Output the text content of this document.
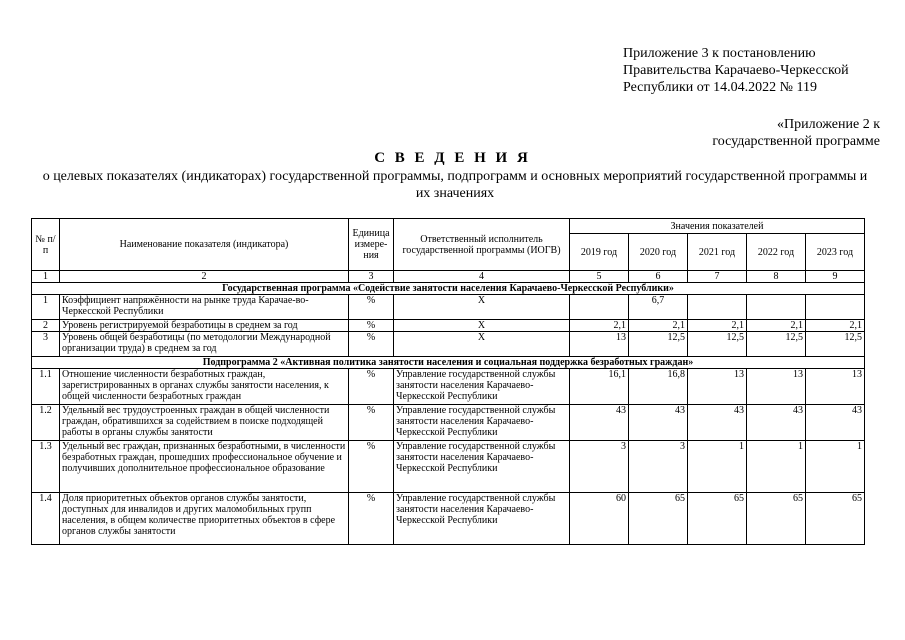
Приложение 3 к постановлению
Правительства Карачаево-Черкесской
Республики от 14.04.2022 № 119
«Приложение 2 к
государственной программе
С В Е Д Е Н И Я
о целевых показателях (индикаторах) государственной программы, подпрограмм и основных мероприятий государственной программы и их значениях
№ п/п	Наименование показателя (индикатора)	Единица измере-ния	Ответственный исполнитель государственной программы (ИОГВ)	Значения показателей				
				2019 год	2020 год	2021 год	2022 год	2023 год
1	2	3	4	5	6	7	8	9
Государственная программа «Содействие занятости населения Карачаево-Черкесской Республики»								
1	Коэффициент напряжённости на рынке труда Карачае-во-Черкесской Республики	%	Х		6,7			
2	Уровень регистрируемой безработицы в среднем за год	%	Х	2,1	2,1	2,1	2,1	2,1
3	Уровень общей безработицы (по методологии Международной организации труда) в среднем за год	%	Х	13	12,5	12,5	12,5	12,5
Подпрограмма 2 «Активная политика занятости населения и социальная поддержка безработных граждан»								
1.1	Отношение численности безработных граждан, зарегистрированных в органах службы занятости населения, к общей численности безработных граждан	%	Управление государственной службы занятости населения Карачаево-Черкесской Республики	16,1	16,8	13	13	13
1.2	Удельный вес трудоустроенных граждан в общей численности граждан, обратившихся за содействием в поиске подходящей работы в органы службы занятости	%	Управление государственной службы занятости населения Карачаево-Черкесской Республики	43	43	43	43	43
1.3	Удельный вес граждан, признанных безработными, в численности безработных граждан, прошедших профессиональное обучение и получивших дополнительное профессиональное образование	%	Управление государственной службы занятости населения Карачаево-Черкесской Республики	3	3	1	1	1
1.4	Доля приоритетных объектов органов службы занятости, доступных для инвалидов и других маломобильных групп населения, в общем количестве приоритетных объектов в сфере органов службы занятости	%	Управление государственной службы занятости населения Карачаево-Черкесской Республики	60	65	65	65	65
